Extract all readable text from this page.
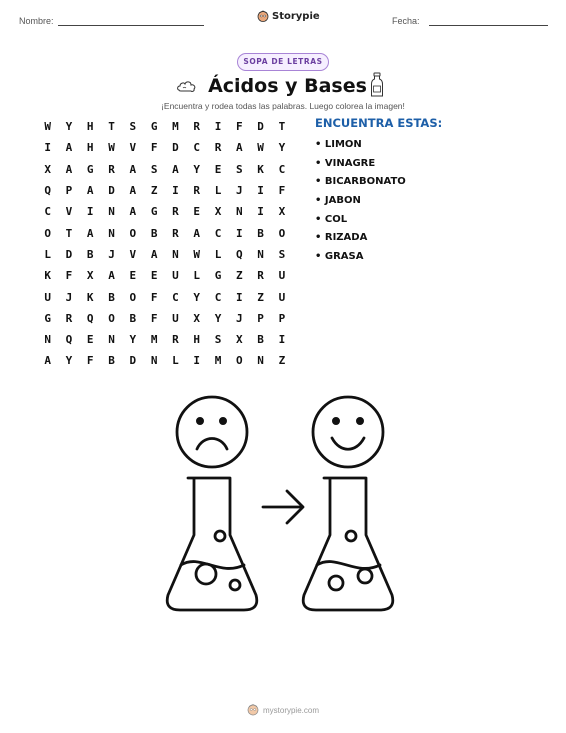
Nombre:	Storypie	Fecha:
SOPA DE LETRAS
Ácidos y Bases
¡Encuentra y rodea todas las palabras. Luego colorea la imagen!
W	Y	H	T	S	G	M	R	I	F	D	T
I	A	H	W	V	F	D	C	R	A	W	Y
X	A	G	R	A	S	A	Y	E	S	K	C
Q	P	A	D	A	Z	I	R	L	J	I	F
C	V	I	N	A	G	R	E	X	N	I	X
O	T	A	N	O	B	R	A	C	I	B	O
L	D	B	J	V	A	N	W	L	Q	N	S
K	F	X	A	E	E	U	L	G	Z	R	U
U	J	K	B	O	F	C	Y	C	I	Z	U
G	R	Q	O	B	F	U	X	Y	J	P	P
N	Q	E	N	Y	M	R	H	S	X	B	I
A	Y	F	B	D	N	L	I	M	O	N	Z
ENCUENTRA ESTAS:
• LIMON
• VINAGRE
• BICARBONATO
• JABON
• COL
• RIZADA
• GRASA
mystorypie.com
